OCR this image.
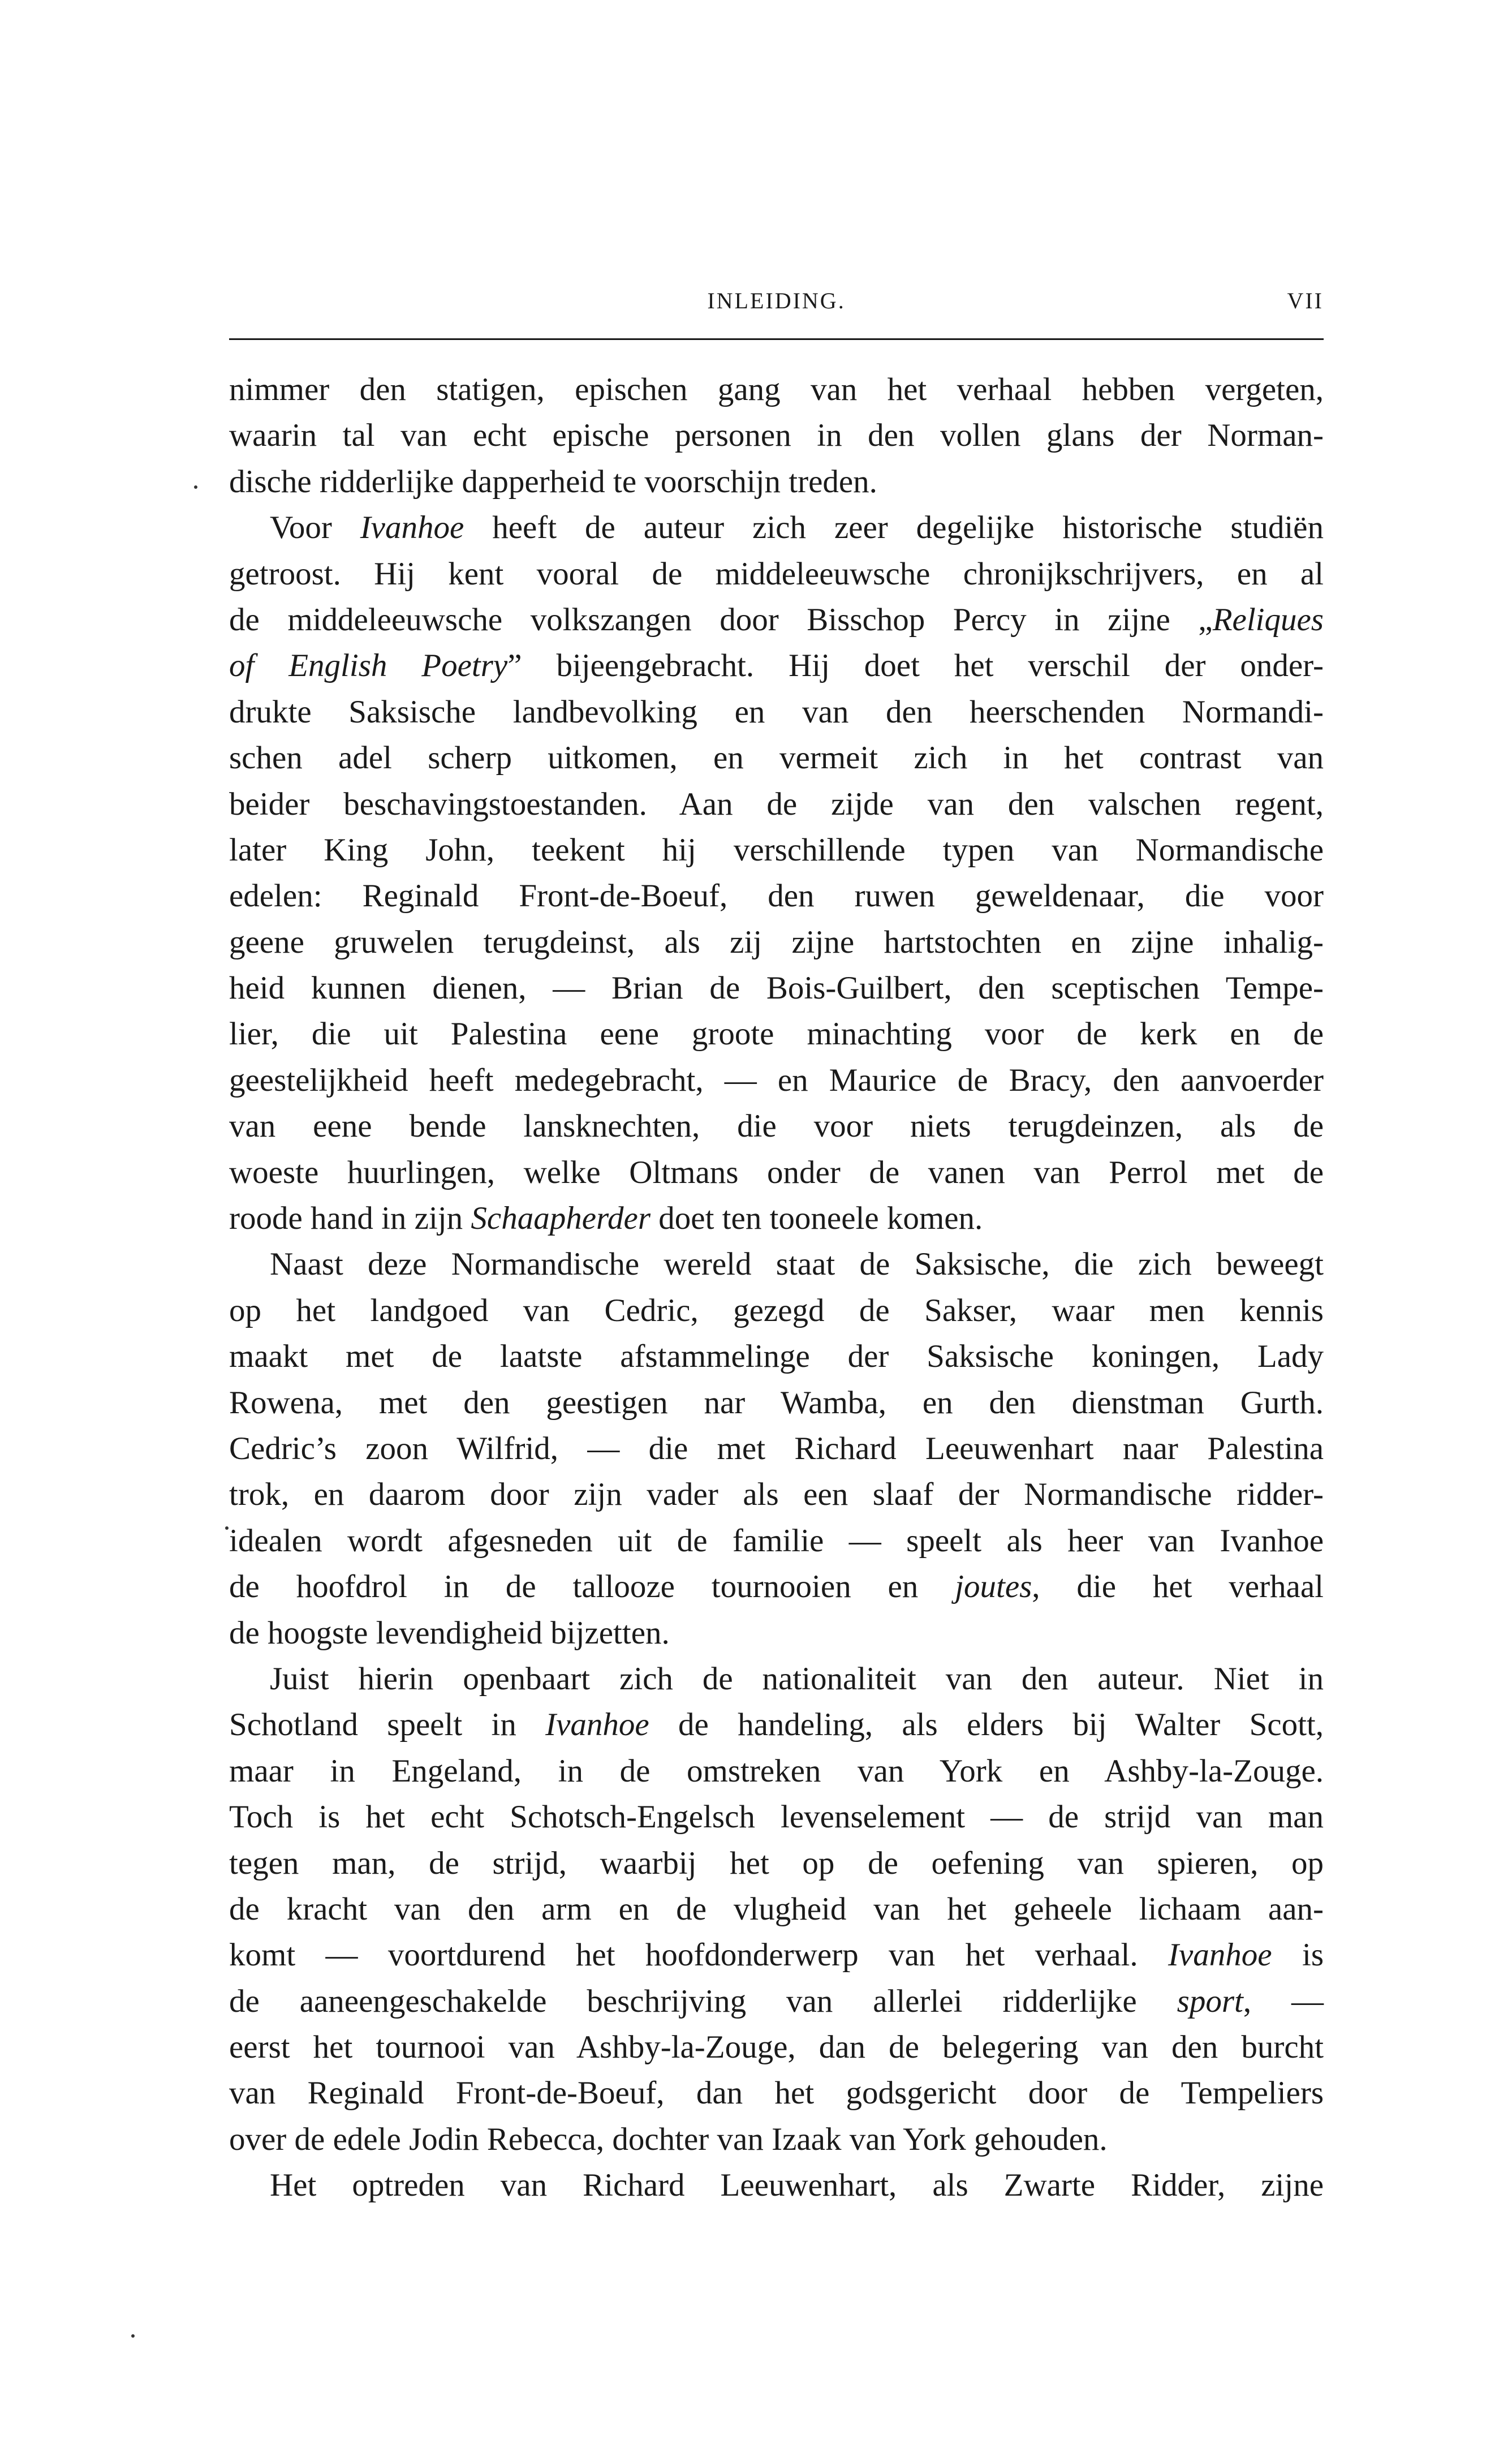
INLEIDING.	VII
nimmer den statigen, epischen gang van het verhaal hebben vergeten,
waarin tal van echt epische personen in den vollen glans der Norman-
dische ridderlijke dapperheid te voorschijn treden.
Voor Ivanhoe heeft de auteur zich zeer degelijke historische studiën
getroost. Hij kent vooral de middeleeuwsche chronijkschrijvers, en al
de middeleeuwsche volkszangen door Bisschop Percy in zijne „Reliques
of English Poetry” bijeengebracht. Hij doet het verschil der onder-
drukte Saksische landbevolking en van den heerschenden Normandi-
schen adel scherp uitkomen, en vermeit zich in het contrast van
beider beschavingstoestanden. Aan de zijde van den valschen regent,
later King John, teekent hij verschillende typen van Normandische
edelen: Reginald Front-de-Boeuf, den ruwen geweldenaar, die voor
geene gruwelen terugdeinst, als zij zijne hartstochten en zijne inhalig-
heid kunnen dienen, — Brian de Bois-Guilbert, den sceptischen Tempe-
lier, die uit Palestina eene groote minachting voor de kerk en de
geestelijkheid heeft medegebracht, — en Maurice de Bracy, den aanvoerder
van eene bende lansknechten, die voor niets terugdeinzen, als de
woeste huurlingen, welke Oltmans onder de vanen van Perrol met de
roode hand in zijn Schaapherder doet ten tooneele komen.
Naast deze Normandische wereld staat de Saksische, die zich beweegt
op het landgoed van Cedric, gezegd de Sakser, waar men kennis
maakt met de laatste afstammelinge der Saksische koningen, Lady
Rowena, met den geestigen nar Wamba, en den dienstman Gurth.
Cedric’s zoon Wilfrid, — die met Richard Leeuwenhart naar Palestina
trok, en daarom door zijn vader als een slaaf der Normandische ridder-
idealen wordt afgesneden uit de familie — speelt als heer van Ivanhoe
de hoofdrol in de tallooze tournooien en joutes, die het verhaal
de hoogste levendigheid bijzetten.
Juist hierin openbaart zich de nationaliteit van den auteur. Niet in
Schotland speelt in Ivanhoe de handeling, als elders bij Walter Scott,
maar in Engeland, in de omstreken van York en Ashby-la-Zouge.
Toch is het echt Schotsch-Engelsch levenselement — de strijd van man
tegen man, de strijd, waarbij het op de oefening van spieren, op
de kracht van den arm en de vlugheid van het geheele lichaam aan-
komt — voortdurend het hoofdonderwerp van het verhaal. Ivanhoe is
de aaneengeschakelde beschrijving van allerlei ridderlijke sport, —
eerst het tournooi van Ashby-la-Zouge, dan de belegering van den burcht
van Reginald Front-de-Boeuf, dan het godsgericht door de Tempeliers
over de edele Jodin Rebecca, dochter van Izaak van York gehouden.
Het optreden van Richard Leeuwenhart, als Zwarte Ridder, zijne
